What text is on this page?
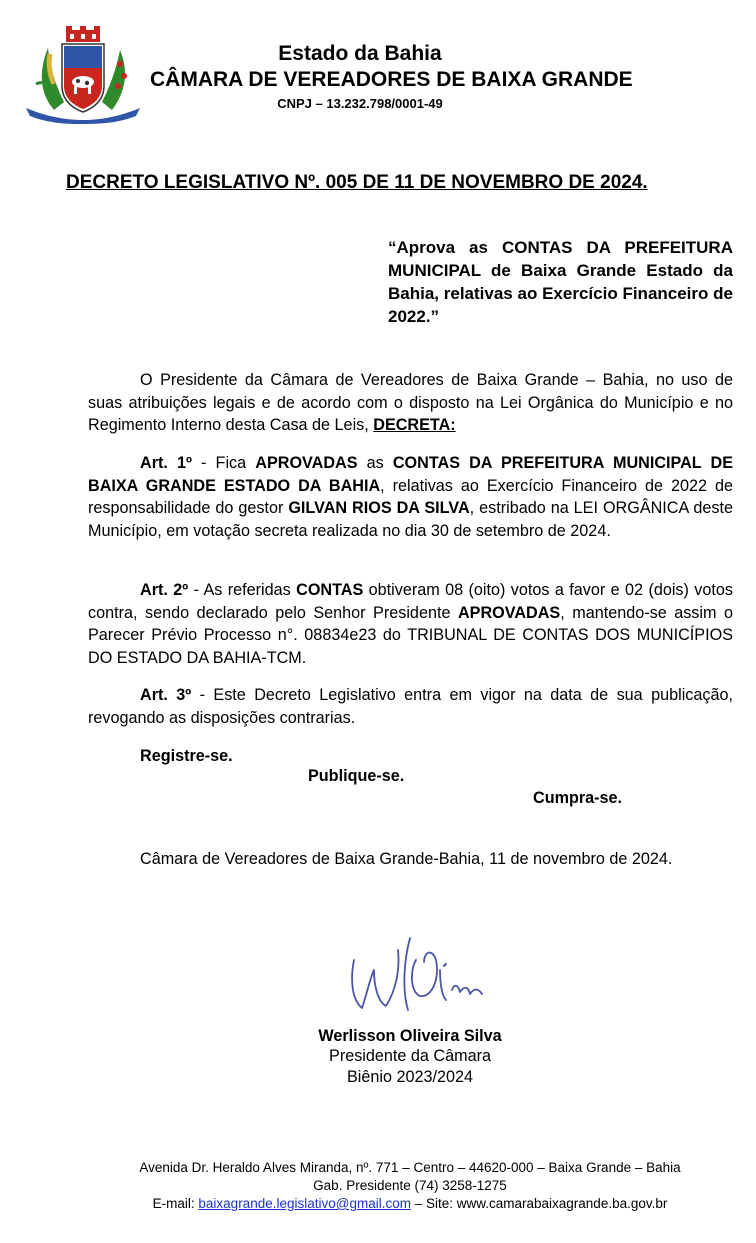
Estado da Bahia
CÂMARA DE VEREADORES DE BAIXA GRANDE
CNPJ – 13.232.798/0001-49
DECRETO LEGISLATIVO Nº. 005 DE 11 DE NOVEMBRO DE 2024.
“Aprova as CONTAS DA PREFEITURA MUNICIPAL de Baixa Grande Estado da Bahia, relativas ao Exercício Financeiro de 2022.”
O Presidente da Câmara de Vereadores de Baixa Grande – Bahia, no uso de suas atribuições legais e de acordo com o disposto na Lei Orgânica do Município e no Regimento Interno desta Casa de Leis, DECRETA:
Art. 1º - Fica APROVADAS as CONTAS DA PREFEITURA MUNICIPAL DE BAIXA GRANDE ESTADO DA BAHIA, relativas ao Exercício Financeiro de 2022 de responsabilidade do gestor GILVAN RIOS DA SILVA, estribado na LEI ORGÂNICA deste Município, em votação secreta realizada no dia 30 de setembro de 2024.
Art. 2º - As referidas CONTAS obtiveram 08 (oito) votos a favor e 02 (dois) votos contra, sendo declarado pelo Senhor Presidente APROVADAS, mantendo-se assim o Parecer Prévio Processo n°. 08834e23 do TRIBUNAL DE CONTAS DOS MUNICÍPIOS DO ESTADO DA BAHIA-TCM.
Art. 3º - Este Decreto Legislativo entra em vigor na data de sua publicação, revogando as disposições contrarias.
Registre-se.
Publique-se.
Cumpra-se.
Câmara de Vereadores de Baixa Grande-Bahia, 11 de novembro de 2024.
Werlisson Oliveira Silva
Presidente da Câmara
Biênio 2023/2024
Avenida Dr. Heraldo Alves Miranda, nº. 771 – Centro – 44620-000 – Baixa Grande – Bahia
Gab. Presidente (74) 3258-1275
E-mail: baixagrande.legislativo@gmail.com – Site: www.camarabaixagrande.ba.gov.br
